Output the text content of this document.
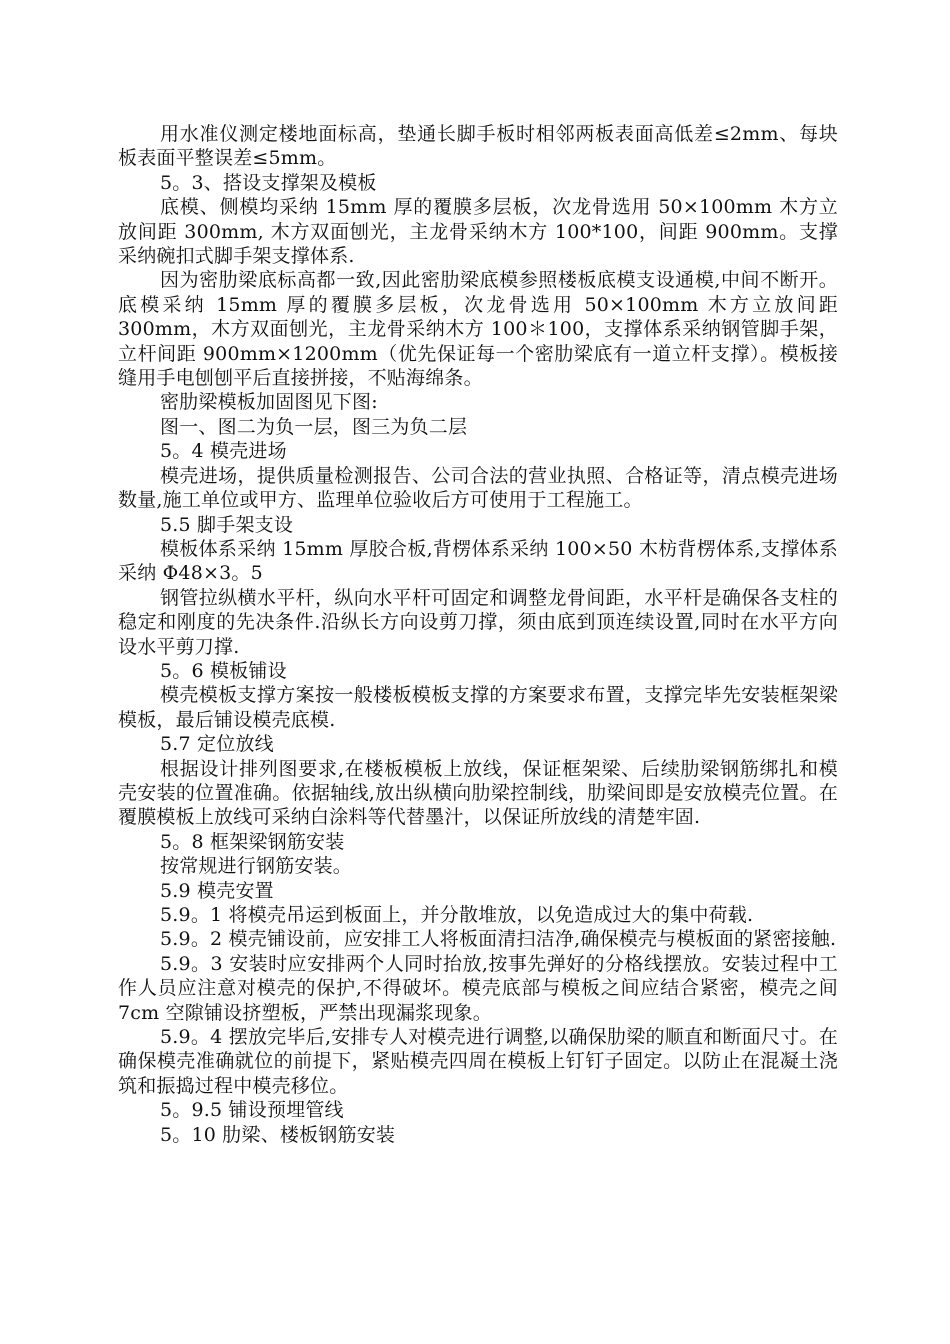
用水准仪测定楼地面标高，垫通长脚手板时相邻两板表面高低差≤2mm、每块板表面平整误差≤5mm。

5。3、搭设支撑架及模板

底模、侧模均采纳 15mm 厚的覆膜多层板，次龙骨选用 50×100mm 木方立放间距 300mm, 木方双面刨光，主龙骨采纳木方 100*100，间距 900mm。支撑采纳碗扣式脚手架支撑体系.

因为密肋梁底标高都一致,因此密肋梁底模参照楼板底模支设通模,中间不断开。底模采纳 15mm 厚的覆膜多层板，次龙骨选用 50×100mm 木方立放间距 300mm，木方双面刨光，主龙骨采纳木方 100＊100，支撑体系采纳钢管脚手架，立杆间距 900mm×1200mm（优先保证每一个密肋梁底有一道立杆支撑）。模板接缝用手电刨刨平后直接拼接，不贴海绵条。

密肋梁模板加固图见下图:

图一、图二为负一层，图三为负二层

5。4 模壳进场

模壳进场，提供质量检测报告、公司合法的营业执照、合格证等，清点模壳进场数量,施工单位或甲方、监理单位验收后方可使用于工程施工。

5.5 脚手架支设

模板体系采纳 15mm 厚胶合板,背楞体系采纳 100×50 木枋背楞体系,支撑体系采纳 Φ48×3。5

钢管拉纵横水平杆，纵向水平杆可固定和调整龙骨间距，水平杆是确保各支柱的稳定和刚度的先决条件.沿纵长方向设剪刀撑，须由底到顶连续设置,同时在水平方向设水平剪刀撑.

5。6 模板铺设

模壳模板支撑方案按一般楼板模板支撑的方案要求布置，支撑完毕先安装框架梁模板，最后铺设模壳底模.

5.7 定位放线

根据设计排列图要求,在楼板模板上放线，保证框架梁、后续肋梁钢筋绑扎和模壳安装的位置准确。依据轴线,放出纵横向肋梁控制线，肋梁间即是安放模壳位置。在覆膜模板上放线可采纳白涂料等代替墨汁，以保证所放线的清楚牢固.

5。8 框架梁钢筋安装

按常规进行钢筋安装。

5.9 模壳安置

5.9。1 将模壳吊运到板面上，并分散堆放，以免造成过大的集中荷载.

5.9。2 模壳铺设前，应安排工人将板面清扫洁净,确保模壳与模板面的紧密接触.

5.9。3 安装时应安排两个人同时抬放,按事先弹好的分格线摆放。安装过程中工作人员应注意对模壳的保护,不得破坏。模壳底部与模板之间应结合紧密，模壳之间 7cm 空隙铺设挤塑板，严禁出现漏浆现象。

5.9。4 摆放完毕后,安排专人对模壳进行调整,以确保肋梁的顺直和断面尺寸。在确保模壳准确就位的前提下，紧贴模壳四周在模板上钉钉子固定。以防止在混凝土浇筑和振捣过程中模壳移位。

5。9.5 铺设预埋管线

5。10 肋梁、楼板钢筋安装
